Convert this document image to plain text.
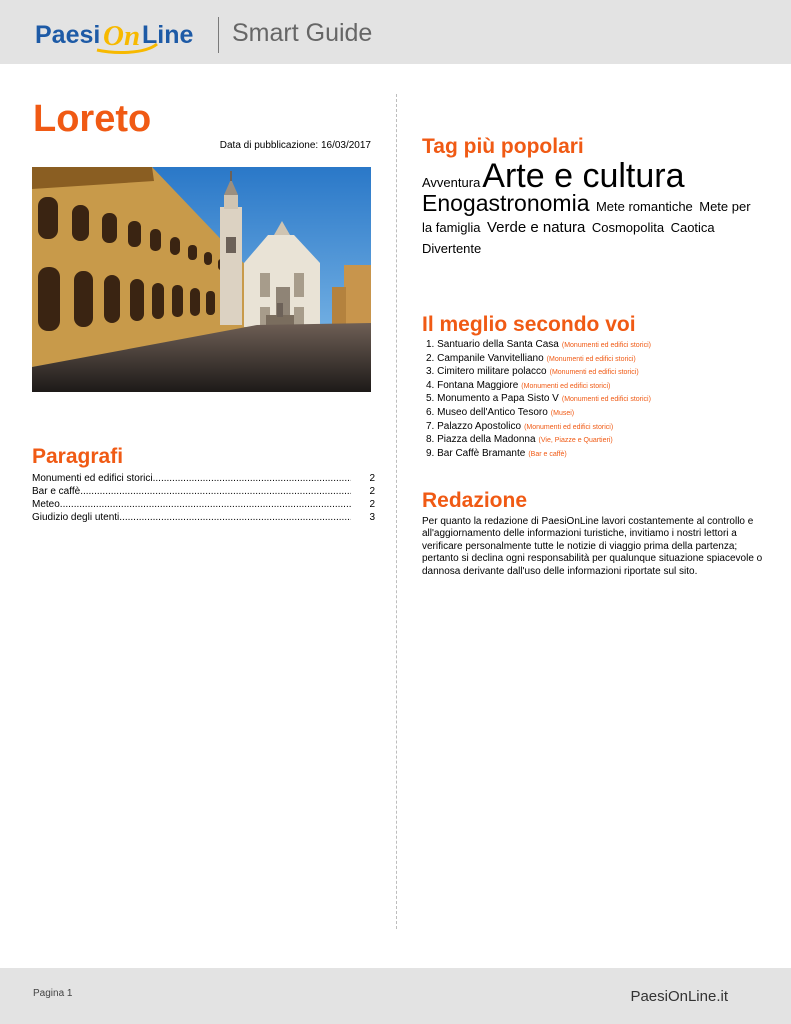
Paesi On Line Smart Guide
Loreto
Data di pubblicazione: 16/03/2017
Paragrafi
Monumenti ed edifici storici .....	2
Bar e caffè .....	2
Meteo .....	2
Giudizio degli utenti .....	3
Tag più popolari
AvventuraArte e cultura Enogastronomia Mete romantiche Mete per la famiglia Verde e natura Cosmopolita Caotica Divertente
Il meglio secondo voi
1. Santuario della Santa Casa (Monumenti ed edifici storici)
2. Campanile Vanvitelliano (Monumenti ed edifici storici)
3. Cimitero militare polacco (Monumenti ed edifici storici)
4. Fontana Maggiore (Monumenti ed edifici storici)
5. Monumento a Papa Sisto V (Monumenti ed edifici storici)
6. Museo dell'Antico Tesoro (Musei)
7. Palazzo Apostolico (Monumenti ed edifici storici)
8. Piazza della Madonna (Vie, Piazze e Quartieri)
9. Bar Caffè Bramante (Bar e caffè)
Redazione

Per quanto la redazione di PaesiOnLine lavori costantemente al controllo e all'aggiornamento delle informazioni turistiche, invitiamo i nostri lettori a verificare personalmente tutte le notizie di viaggio prima della partenza; pertanto si declina ogni responsabilità per qualunque situazione spiacevole o dannosa derivante dall'uso delle informazioni riportate sul sito.

Pagina 1	PaesiOnLine.it
